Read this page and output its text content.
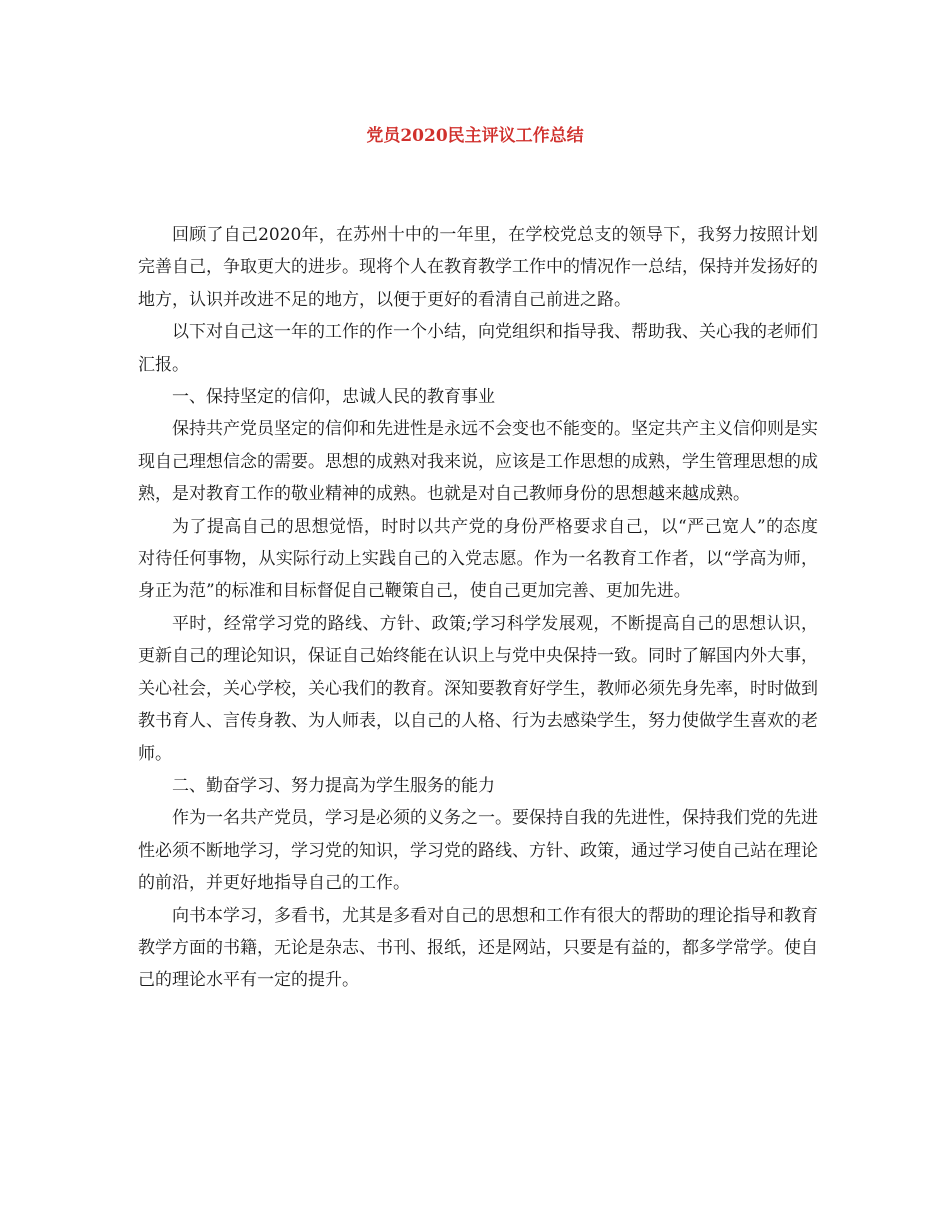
党员2020民主评议工作总结

回顾了自己2020年，在苏州十中的一年里，在学校党总支的领导下，我努力按照计划完善自己，争取更大的进步。现将个人在教育教学工作中的情况作一总结，保持并发扬好的地方，认识并改进不足的地方，以便于更好的看清自己前进之路。

以下对自己这一年的工作的作一个小结，向党组织和指导我、帮助我、关心我的老师们汇报。

一、保持坚定的信仰，忠诚人民的教育事业

保持共产党员坚定的信仰和先进性是永远不会变也不能变的。坚定共产主义信仰则是实现自己理想信念的需要。思想的成熟对我来说，应该是工作思想的成熟，学生管理思想的成熟，是对教育工作的敬业精神的成熟。也就是对自己教师身份的思想越来越成熟。

为了提高自己的思想觉悟，时时以共产党的身份严格要求自己，以“严己宽人”的态度对待任何事物，从实际行动上实践自己的入党志愿。作为一名教育工作者，以“学高为师，身正为范”的标准和目标督促自己鞭策自己，使自己更加完善、更加先进。

平时，经常学习党的路线、方针、政策;学习科学发展观，不断提高自己的思想认识，更新自己的理论知识，保证自己始终能在认识上与党中央保持一致。同时了解国内外大事，关心社会，关心学校，关心我们的教育。深知要教育好学生，教师必须先身先率，时时做到教书育人、言传身教、为人师表，以自己的人格、行为去感染学生，努力使做学生喜欢的老师。

二、勤奋学习、努力提高为学生服务的能力

作为一名共产党员，学习是必须的义务之一。要保持自我的先进性，保持我们党的先进性必须不断地学习，学习党的知识，学习党的路线、方针、政策，通过学习使自己站在理论的前沿，并更好地指导自己的工作。

向书本学习，多看书，尤其是多看对自己的思想和工作有很大的帮助的理论指导和教育教学方面的书籍，无论是杂志、书刊、报纸，还是网站，只要是有益的，都多学常学。使自己的理论水平有一定的提升。
